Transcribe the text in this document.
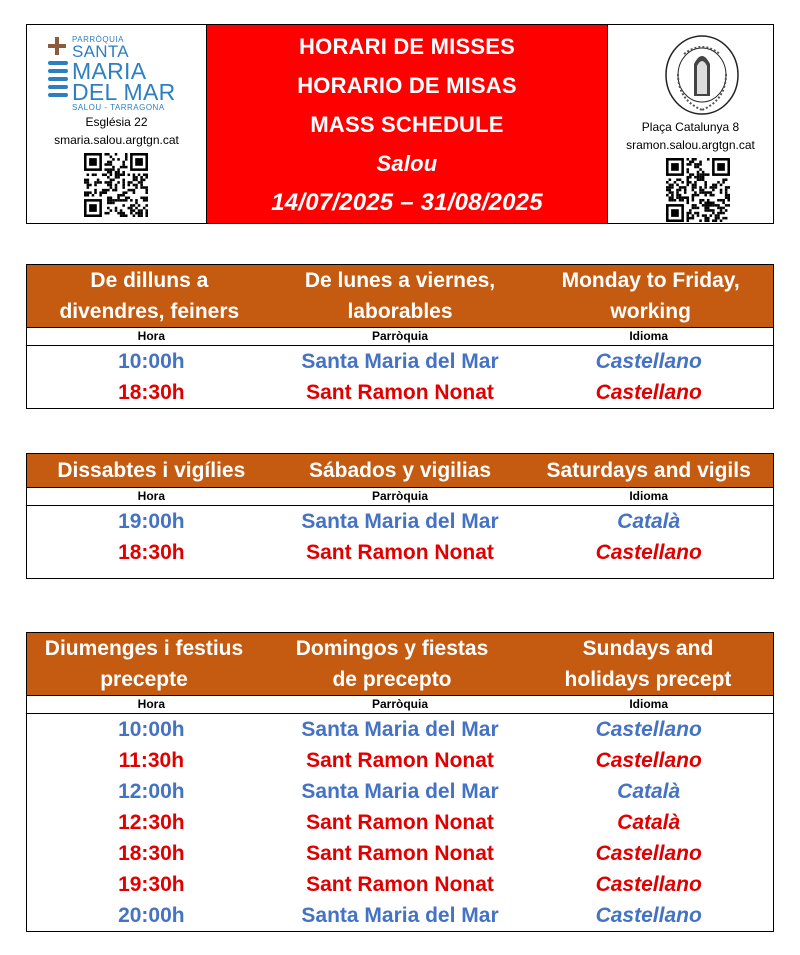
PARRÒQUIA
SANTA
MARIA
DEL MAR
SALOU - TARRAGONA
Església 22
smaria.salou.argtgn.cat
HORARI DE MISSES
HORARIO DE MISAS
MASS SCHEDULE
Salou
14/07/2025 – 31/08/2025
Plaça Catalunya 8
sramon.salou.argtgn.cat
De dilluns a divendres, feiners
De lunes a viernes, laborables
Monday to Friday, working
Hora	Parròquia	Idioma
10:00h	Santa Maria del Mar	Castellano
18:30h	Sant Ramon Nonat	Castellano
Dissabtes i vigílies	Sábados y vigilias	Saturdays and vigils
Hora	Parròquia	Idioma
19:00h	Santa Maria del Mar	Català
18:30h	Sant Ramon Nonat	Castellano
Diumenges i festius precepte
Domingos y fiestas de precepto
Sundays and holidays precept
Hora	Parròquia	Idioma
10:00h	Santa Maria del Mar	Castellano
11:30h	Sant Ramon Nonat	Castellano
12:00h	Santa Maria del Mar	Català
12:30h	Sant Ramon Nonat	Català
18:30h	Sant Ramon Nonat	Castellano
19:30h	Sant Ramon Nonat	Castellano
20:00h	Santa Maria del Mar	Castellano
